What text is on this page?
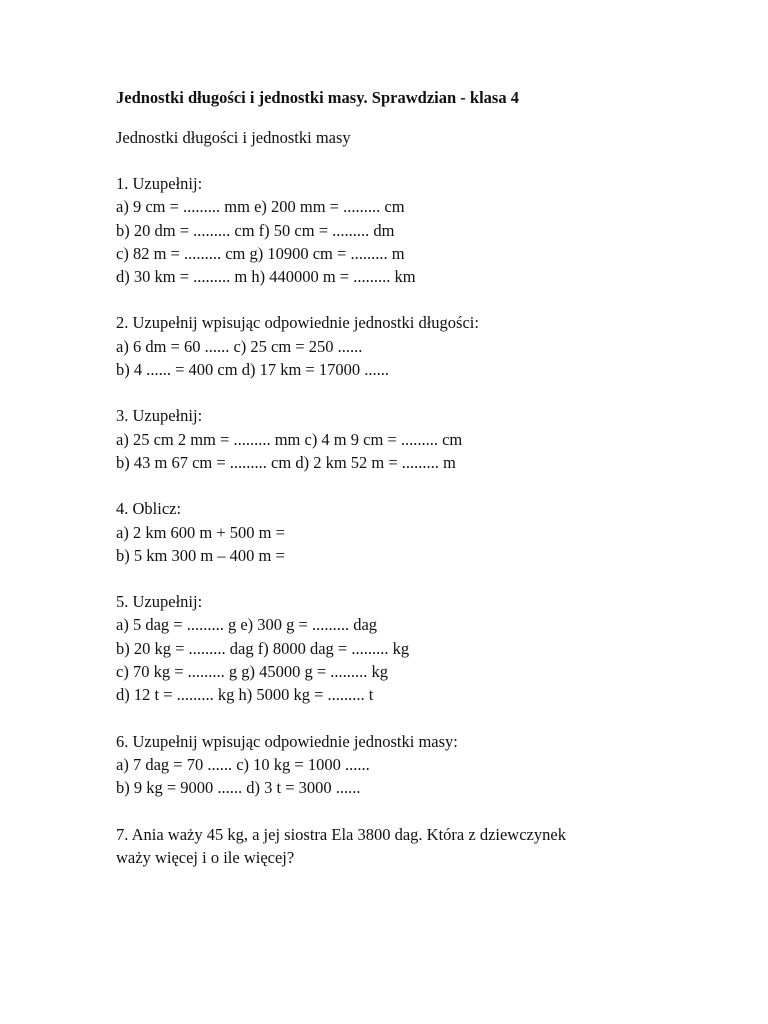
Jednostki długości i jednostki masy. Sprawdzian - klasa 4

Jednostki długości i jednostki masy

1. Uzupełnij:
a) 9 cm = ......... mm e) 200 mm = ......... cm
b) 20 dm = ......... cm f) 50 cm = ......... dm
c) 82 m = ......... cm g) 10900 cm = ......... m
d) 30 km = ......... m h) 440000 m = ......... km
2. Uzupełnij wpisując odpowiednie jednostki długości:
a) 6 dm = 60 ...... c) 25 cm = 250 ......
b) 4 ...... = 400 cm d) 17 km = 17000 ......
3. Uzupełnij:
a) 25 cm 2 mm = ......... mm c) 4 m 9 cm = ......... cm
b) 43 m 67 cm = ......... cm d) 2 km 52 m = ......... m
4. Oblicz:
a) 2 km 600 m + 500 m =
b) 5 km 300 m – 400 m =
5. Uzupełnij:
a) 5 dag = ......... g e) 300 g = ......... dag
b) 20 kg = ......... dag f) 8000 dag = ......... kg
c) 70 kg = ......... g g) 45000 g = ......... kg
d) 12 t = ......... kg h) 5000 kg = ......... t
6. Uzupełnij wpisując odpowiednie jednostki masy:
a) 7 dag = 70 ...... c) 10 kg = 1000 ......
b) 9 kg = 9000 ...... d) 3 t = 3000 ......
7. Ania waży 45 kg, a jej siostra Ela 3800 dag. Która z dziewczynek
waży więcej i o ile więcej?
